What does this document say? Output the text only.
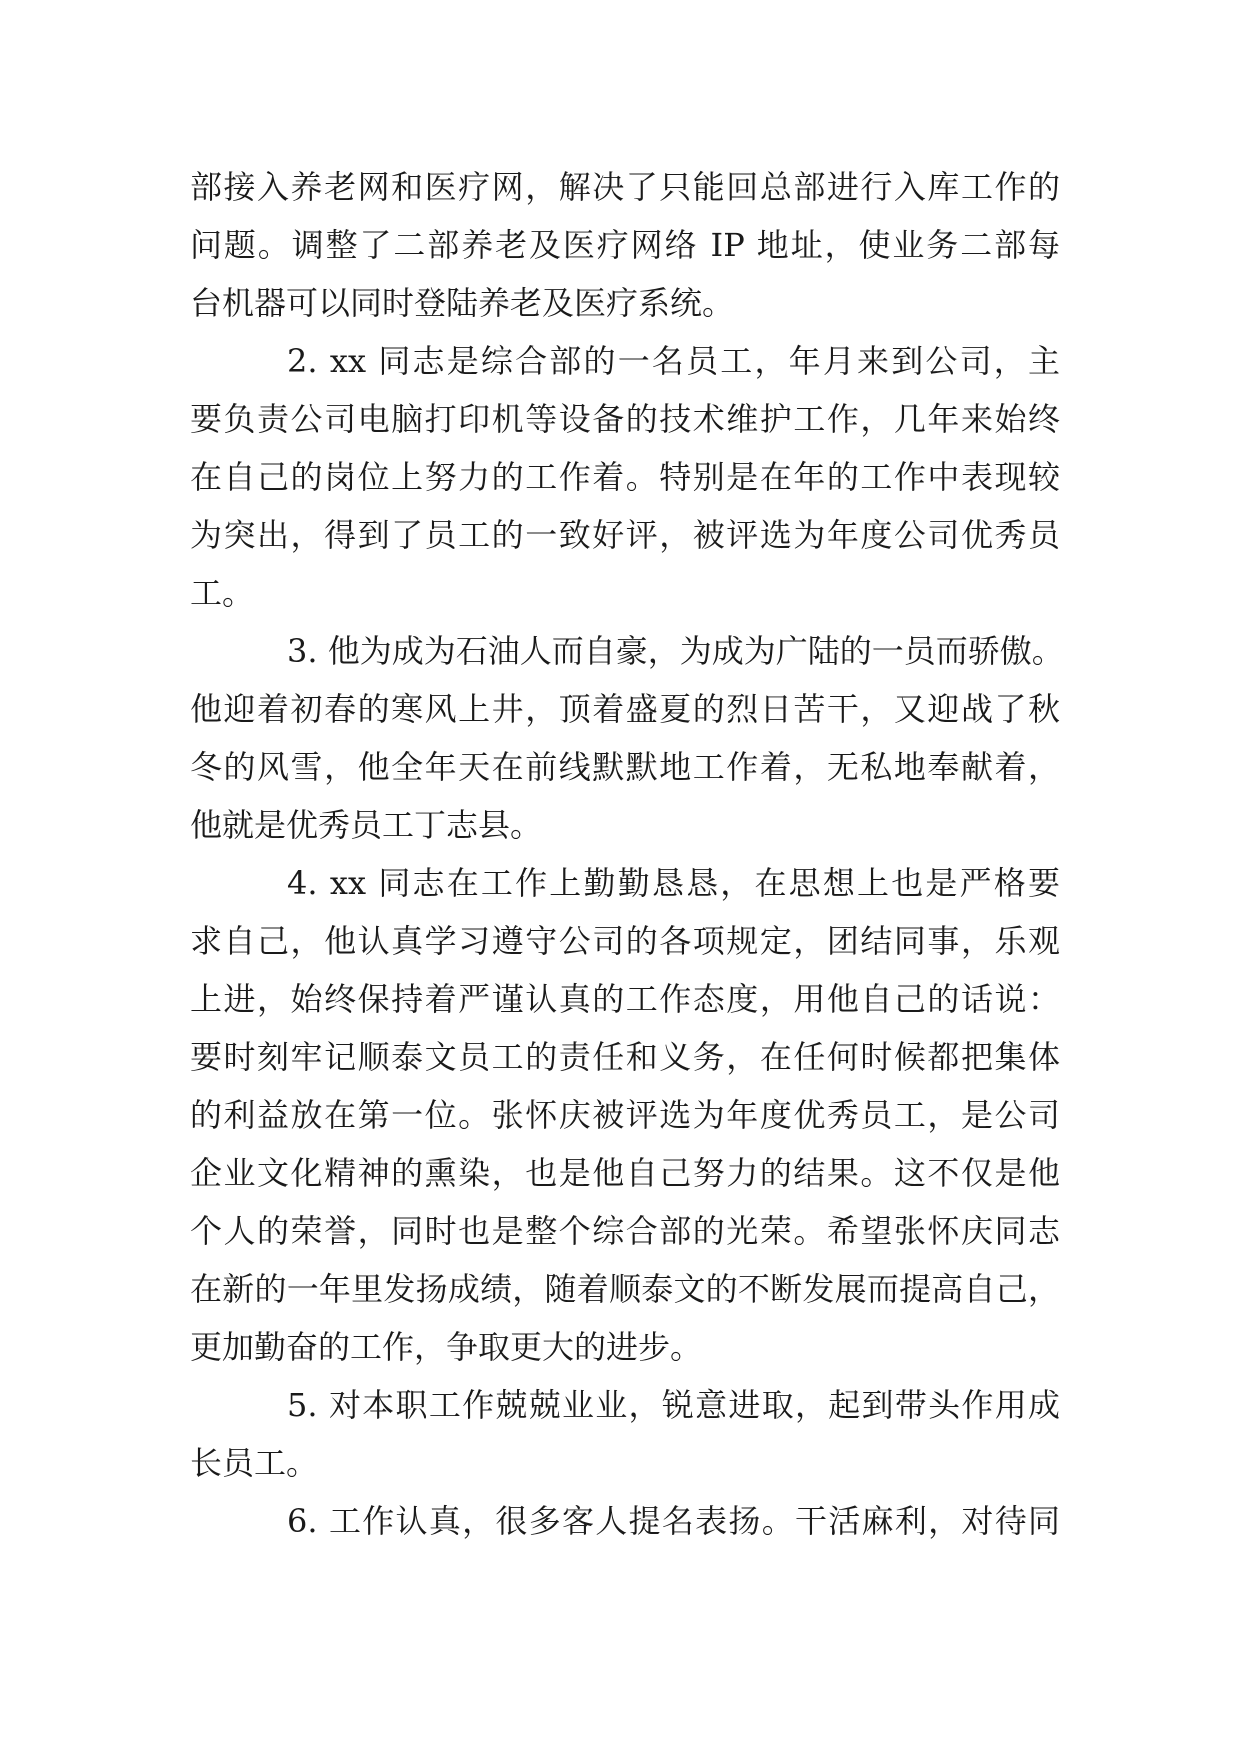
部接入养老网和医疗网，解决了只能回总部进行入库工作的
问题。调整了二部养老及医疗网络 IP 地址，使业务二部每
台机器可以同时登陆养老及医疗系统。
2. xx 同志是综合部的一名员工，年月来到公司，主
要负责公司电脑打印机等设备的技术维护工作，几年来始终
在自己的岗位上努力的工作着。特别是在年的工作中表现较
为突出，得到了员工的一致好评，被评选为年度公司优秀员
工。
3. 他为成为石油人而自豪，为成为广陆的一员而骄傲。
他迎着初春的寒风上井，顶着盛夏的烈日苦干，又迎战了秋
冬的风雪，他全年天在前线默默地工作着，无私地奉献着，
他就是优秀员工丁志县。
4. xx 同志在工作上勤勤恳恳，在思想上也是严格要
求自己，他认真学习遵守公司的各项规定，团结同事，乐观
上进，始终保持着严谨认真的工作态度，用他自己的话说：
要时刻牢记顺泰文员工的责任和义务，在任何时候都把集体
的利益放在第一位。张怀庆被评选为年度优秀员工，是公司
企业文化精神的熏染，也是他自己努力的结果。这不仅是他
个人的荣誉，同时也是整个综合部的光荣。希望张怀庆同志
在新的一年里发扬成绩，随着顺泰文的不断发展而提高自己，
更加勤奋的工作，争取更大的进步。
5. 对本职工作兢兢业业，锐意进取，起到带头作用成
长员工。
6. 工作认真，很多客人提名表扬。干活麻利，对待同
